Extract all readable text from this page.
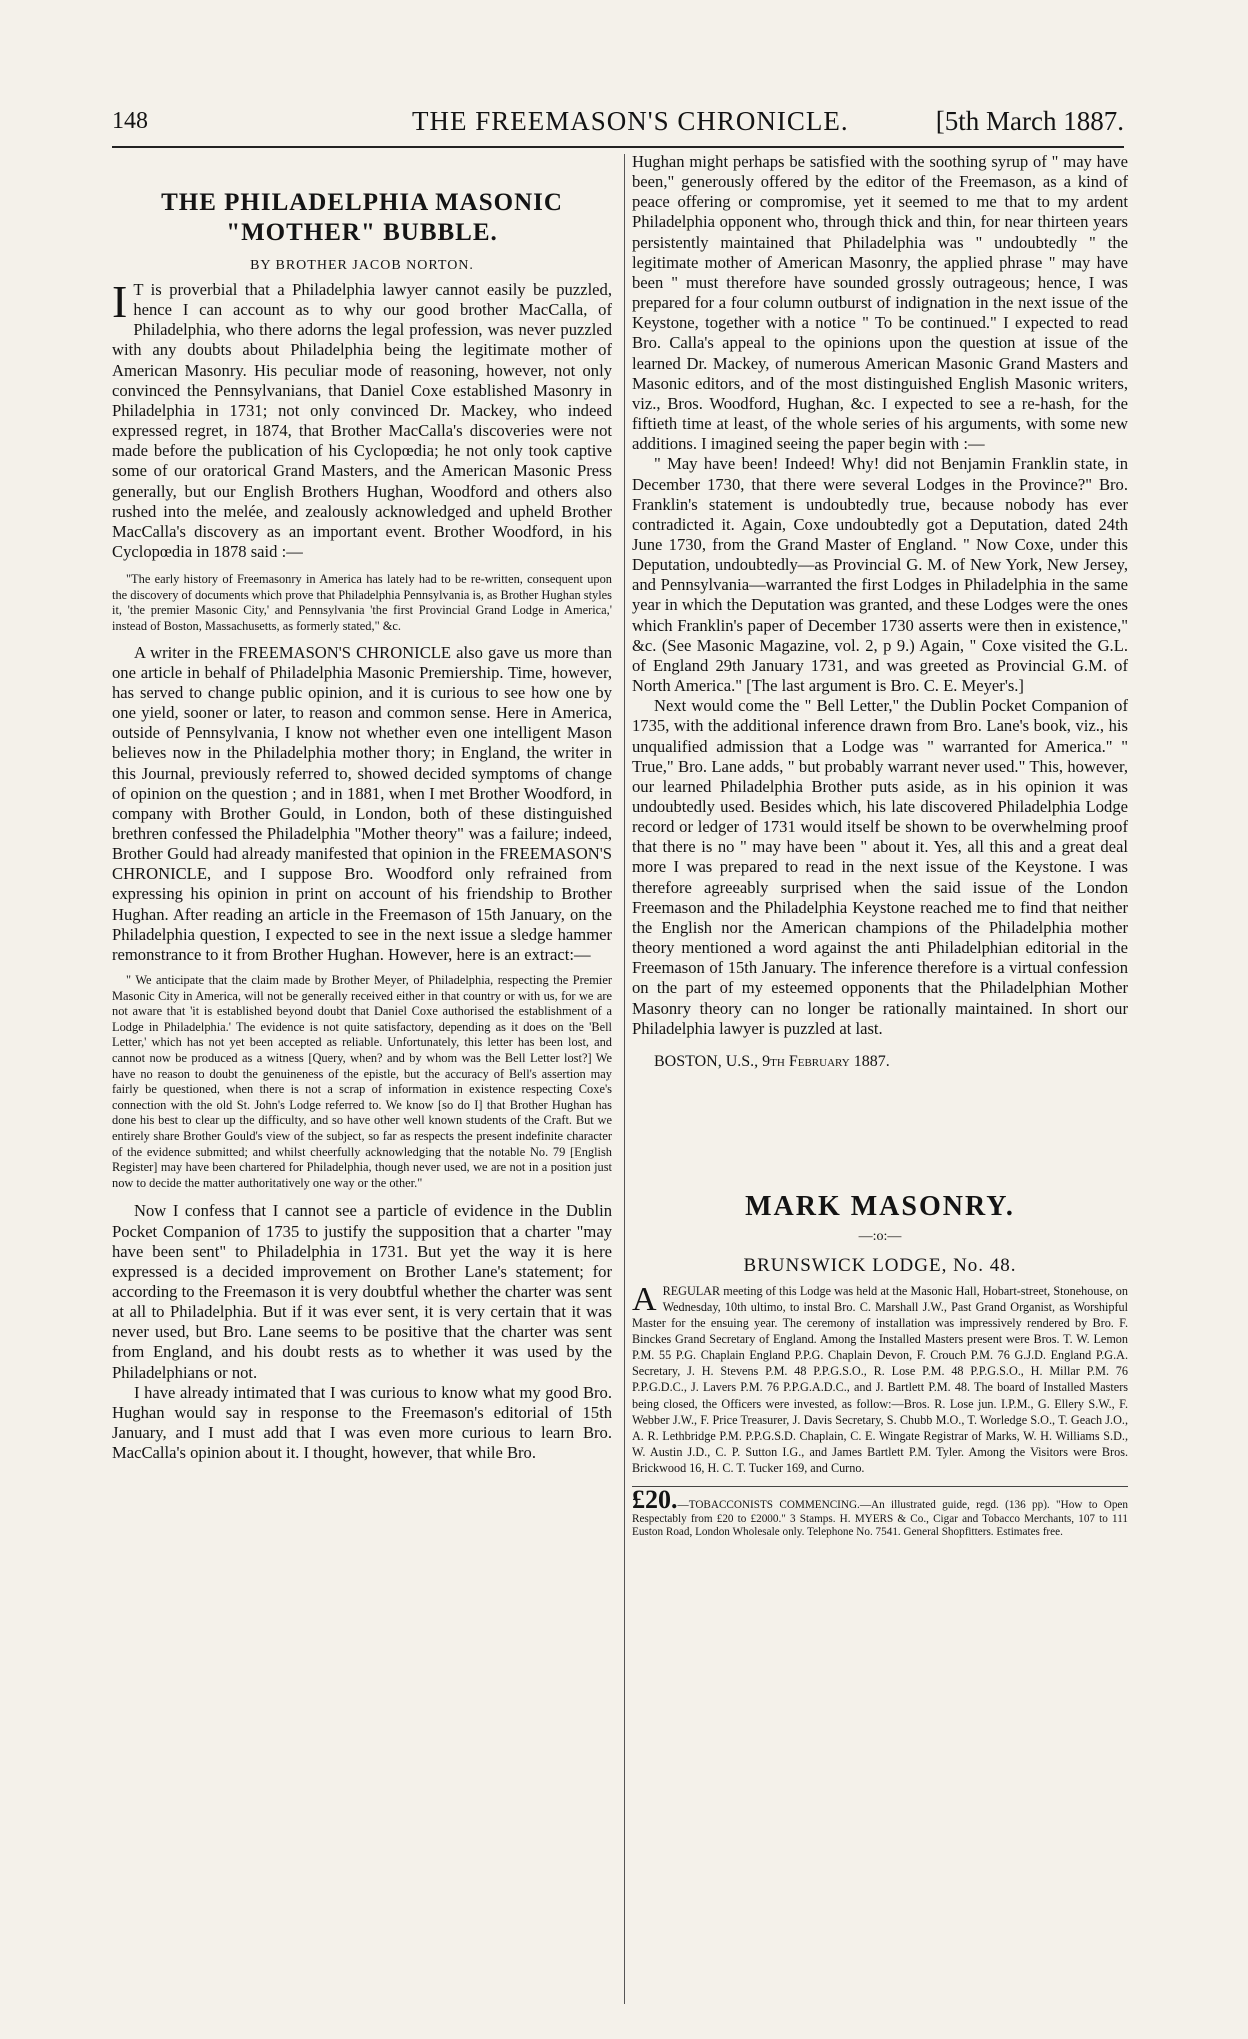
148	THE FREEMASON'S CHRONICLE.	[5th March 1887.
THE PHILADELPHIA MASONIC "MOTHER" BUBBLE.
BY BROTHER JACOB NORTON.

I T is proverbial that a Philadelphia lawyer cannot easily be puzzled, hence I can account as to why our good brother MacCalla, of Philadelphia, who there adorns the legal profession, was never puzzled with any doubts about Philadelphia being the legitimate mother of American Masonry. His peculiar mode of reasoning, however, not only convinced the Pennsylvanians, that Daniel Coxe established Masonry in Philadelphia in 1731; not only convinced Dr. Mackey, who indeed expressed regret, in 1874, that Brother MacCalla's discoveries were not made before the publication of his Cyclopœdia; he not only took captive some of our oratorical Grand Masters, and the American Masonic Press generally, but our English Brothers Hughan, Woodford and others also rushed into the melée, and zealously acknowledged and upheld Brother MacCalla's discovery as an important event. Brother Woodford, in his Cyclopœdia in 1878 said :—

"The early history of Freemasonry in America has lately had to be re-written, consequent upon the discovery of documents which prove that Philadelphia Pennsylvania is, as Brother Hughan styles it, 'the premier Masonic City,' and Pennsylvania 'the first Provincial Grand Lodge in America,' instead of Boston, Massachusetts, as formerly stated," &c.

A writer in the FREEMASON'S CHRONICLE also gave us more than one article in behalf of Philadelphia Masonic Premiership. Time, however, has served to change public opinion, and it is curious to see how one by one yield, sooner or later, to reason and common sense. Here in America, outside of Pennsylvania, I know not whether even one intelligent Mason believes now in the Philadelphia mother thory; in England, the writer in this Journal, previously referred to, showed decided symptoms of change of opinion on the question ; and in 1881, when I met Brother Woodford, in company with Brother Gould, in London, both of these distinguished brethren confessed the Philadelphia "Mother theory" was a failure; indeed, Brother Gould had already manifested that opinion in the FREEMASON'S CHRONICLE, and I suppose Bro. Woodford only refrained from expressing his opinion in print on account of his friendship to Brother Hughan. After reading an article in the Freemason of 15th January, on the Philadelphia question, I expected to see in the next issue a sledge hammer remonstrance to it from Brother Hughan. However, here is an extract:—

" We anticipate that the claim made by Brother Meyer, of Philadelphia, respecting the Premier Masonic City in America, will not be generally received either in that country or with us, for we are not aware that 'it is established beyond doubt that Daniel Coxe authorised the establishment of a Lodge in Philadelphia.' The evidence is not quite satisfactory, depending as it does on the 'Bell Letter,' which has not yet been accepted as reliable. Unfortunately, this letter has been lost, and cannot now be produced as a witness [Query, when? and by whom was the Bell Letter lost?] We have no reason to doubt the genuineness of the epistle, but the accuracy of Bell's assertion may fairly be questioned, when there is not a scrap of information in existence respecting Coxe's connection with the old St. John's Lodge referred to. We know [so do I] that Brother Hughan has done his best to clear up the difficulty, and so have other well known students of the Craft. But we entirely share Brother Gould's view of the subject, so far as respects the present indefinite character of the evidence submitted; and whilst cheerfully acknowledging that the notable No. 79 [English Register] may have been chartered for Philadelphia, though never used, we are not in a position just now to decide the matter authoritatively one way or the other."

Now I confess that I cannot see a particle of evidence in the Dublin Pocket Companion of 1735 to justify the supposition that a charter "may have been sent" to Philadelphia in 1731. But yet the way it is here expressed is a decided improvement on Brother Lane's statement; for according to the Freemason it is very doubtful whether the charter was sent at all to Philadelphia. But if it was ever sent, it is very certain that it was never used, but Bro. Lane seems to be positive that the charter was sent from England, and his doubt rests as to whether it was used by the Philadelphians or not.

I have already intimated that I was curious to know what my good Bro. Hughan would say in response to the Freemason's editorial of 15th January, and I must add that I was even more curious to learn Bro. MacCalla's opinion about it. I thought, however, that while Bro.

Hughan might perhaps be satisfied with the soothing syrup of " may have been," generously offered by the editor of the Freemason, as a kind of peace offering or compromise, yet it seemed to me that to my ardent Philadelphia opponent who, through thick and thin, for near thirteen years persistently maintained that Philadelphia was " undoubtedly " the legitimate mother of American Masonry, the applied phrase " may have been " must therefore have sounded grossly outrageous; hence, I was prepared for a four column outburst of indignation in the next issue of the Keystone, together with a notice " To be continued." I expected to read Bro. Calla's appeal to the opinions upon the question at issue of the learned Dr. Mackey, of numerous American Masonic Grand Masters and Masonic editors, and of the most distinguished English Masonic writers, viz., Bros. Woodford, Hughan, &c. I expected to see a re-hash, for the fiftieth time at least, of the whole series of his arguments, with some new additions. I imagined seeing the paper begin with :—

" May have been! Indeed! Why! did not Benjamin Franklin state, in December 1730, that there were several Lodges in the Province?" Bro. Franklin's statement is undoubtedly true, because nobody has ever contradicted it. Again, Coxe undoubtedly got a Deputation, dated 24th June 1730, from the Grand Master of England. " Now Coxe, under this Deputation, undoubtedly—as Provincial G. M. of New York, New Jersey, and Pennsylvania—warranted the first Lodges in Philadelphia in the same year in which the Deputation was granted, and these Lodges were the ones which Franklin's paper of December 1730 asserts were then in existence," &c. (See Masonic Magazine, vol. 2, p 9.) Again, " Coxe visited the G.L. of England 29th January 1731, and was greeted as Provincial G.M. of North America." [The last argument is Bro. C. E. Meyer's.]

Next would come the " Bell Letter," the Dublin Pocket Companion of 1735, with the additional inference drawn from Bro. Lane's book, viz., his unqualified admission that a Lodge was " warranted for America." " True," Bro. Lane adds, " but probably warrant never used." This, however, our learned Philadelphia Brother puts aside, as in his opinion it was undoubtedly used. Besides which, his late discovered Philadelphia Lodge record or ledger of 1731 would itself be shown to be overwhelming proof that there is no " may have been " about it. Yes, all this and a great deal more I was prepared to read in the next issue of the Keystone. I was therefore agreeably surprised when the said issue of the London Freemason and the Philadelphia Keystone reached me to find that neither the English nor the American champions of the Philadelphia mother theory mentioned a word against the anti Philadelphian editorial in the Freemason of 15th January. The inference therefore is a virtual confession on the part of my esteemed opponents that the Philadelphian Mother Masonry theory can no longer be rationally maintained. In short our Philadelphia lawyer is puzzled at last.

BOSTON, U.S., 9th February 1887.

MARK MASONRY.
—:o:—
BRUNSWICK LODGE, No. 48.

AREGULAR meeting of this Lodge was held at the Masonic Hall, Hobart-street, Stonehouse, on Wednesday, 10th ultimo, to instal Bro. C. Marshall J.W., Past Grand Organist, as Worshipful Master for the ensuing year. The ceremony of installation was impressively rendered by Bro. F. Binckes Grand Secretary of England. Among the Installed Masters present were Bros. T. W. Lemon P.M. 55 P.G. Chaplain England P.P.G. Chaplain Devon, F. Crouch P.M. 76 G.J.D. England P.G.A. Secretary, J. H. Stevens P.M. 48 P.P.G.S.O., R. Lose P.M. 48 P.P.G.S.O., H. Millar P.M. 76 P.P.G.D.C., J. Lavers P.M. 76 P.P.G.A.D.C., and J. Bartlett P.M. 48. The board of Installed Masters being closed, the Officers were invested, as follow:—Bros. R. Lose jun. I.P.M., G. Ellery S.W., F. Webber J.W., F. Price Treasurer, J. Davis Secretary, S. Chubb M.O., T. Worledge S.O., T. Geach J.O., A. R. Lethbridge P.M. P.P.G.S.D. Chaplain, C. E. Wingate Registrar of Marks, W. H. Williams S.D., W. Austin J.D., C. P. Sutton I.G., and James Bartlett P.M. Tyler. Among the Visitors were Bros. Brickwood 16, H. C. T. Tucker 169, and Curno.

£20.—TOBACCONISTS COMMENCING.—An illustrated guide, regd. (136 pp). "How to Open Respectably from £20 to £2000." 3 Stamps. H. MYERS & Co., Cigar and Tobacco Merchants, 107 to 111 Euston Road, London Wholesale only. Telephone No. 7541. General Shopfitters. Estimates free.
